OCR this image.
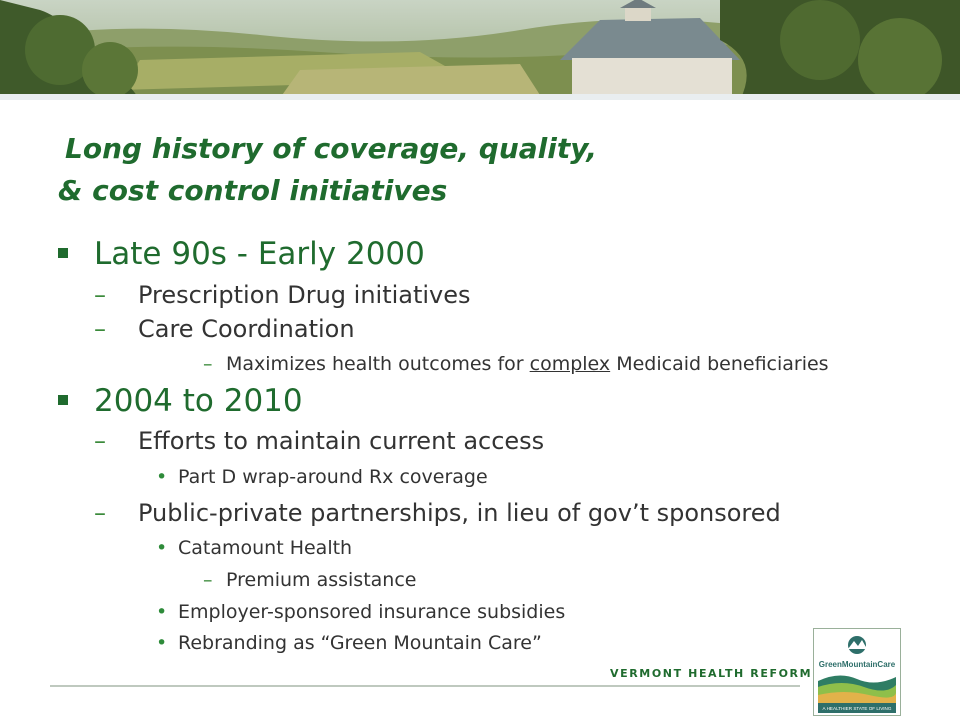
Long history of coverage, quality,
& cost control initiatives
Late 90s - Early 2000
– Prescription Drug initiatives
– Care Coordination
– Maximizes health outcomes for complex Medicaid beneficiaries
2004 to 2010
– Efforts to maintain current access
• Part D wrap-around Rx coverage
– Public-private partnerships, in lieu of gov’t sponsored
• Catamount Health
– Premium assistance
• Employer-sponsored insurance subsidies
• Rebranding as “Green Mountain Care”
VERMONT HEALTH REFORM
GreenMountainCare
A HEALTHIER STATE OF LIVING
